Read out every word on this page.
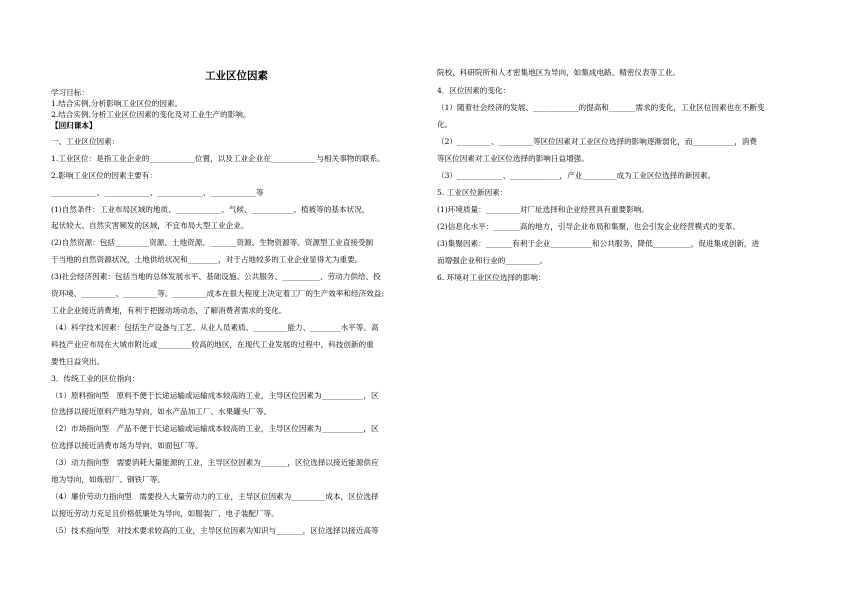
工业区位因素
学习目标：
1.结合实例,分析影响工业区位的因素。
2.结合实例,分析工业区位因素的变化及对工业生产的影响。
【回归课本】
一、工业区位因素：
1.工业区位：是指工业企业的____________位置，以及工业企业在____________与相关事物的联系。
2.影响工业区位的因素主要有：
____________、____________、____________、____________等
(1)自然条件：工业布局区域的地质、____________、气候、___________、植被等的基本状况，
起伏较大、自然灾害频发的区域，不宜布局大型工业企业。
(2)自然资源：包括_________资源、土地资源、_______资源、生物资源等。资源型工业直接受制
于当地的自然资源状况，土地供给状况和________，对于占地较多的工业企业显得尤为重要。
(3)社会经济因素：包括当地的总体发展水平、基础设施、公共服务、__________、劳动力供给、投
资环境、_________、_________等。_________成本在很大程度上决定着工厂的生产效率和经济效益;
工业企业接近消费地，有利于把握动场动态，了解消费者需求的变化。
（4）科学技术因素：包括生产设备与工艺、从业人员素质、_________能力、________水平等。高
科技产业应布局在大城市附近或_________较高的地区，在现代工业发展的过程中，科技创新的重
要性日益突出。
3．传统工业的区位指向：
（1）原料指向型　原料不便于长途运输或运输成本较高的工业，主导区位因素为___________，区
位选择以接近原料产地为导向，如水产品加工厂、水果罐头厂等。
（2）市场指向型　产品不便于长途运输或运输成本较高的工业，主导区位因素为___________，区
位选择以接近消费市场为导向，如面包厂等。
（3）动力指向型　需要消耗大量能源的工业，主导区位因素为_______，区位选择以接近能源供应
地为导向，如炼铝厂、钢铁厂等。
（4）廉价劳动力指向型　需要投入大量劳动力的工业，主导区位因素为_________成本，区位选择
以接近劳动力充足且价格低廉处为导向，如服装厂、电子装配厂等。
（5）技术指向型　对技术要求较高的工业，主导区位因素为知识与_______，区位选择以接近高等
院校、科研院所和人才密集地区为导向，如集成电路、精密仪表等工业。
4．区位因素的变化：
（1）随着社会经济的发展、____________的提高和_______需求的变化，工业区位因素也在不断变
化。
（2）_________、_________等区位因素对工业区位选择的影响逐渐弱化，而___________，消费
等区位因素对工业区位选择的影响日益增强。
（3）____________、_____________，产业_________成为工业区位选择的新因素。
5. 工业区位新因素：
(1)环境质量：_________对厂址选择和企业经营具有重要影响。
(2)信息化水平：_______高的地方，引导企业布局和集聚，也会引发企业经营模式的变革。
(3)集聚因素：_______有利于企业___________和公共服务，降低__________，促进集成创新，进
而增强企业和行业的_________。
6. 环境对工业区位选择的影响：
